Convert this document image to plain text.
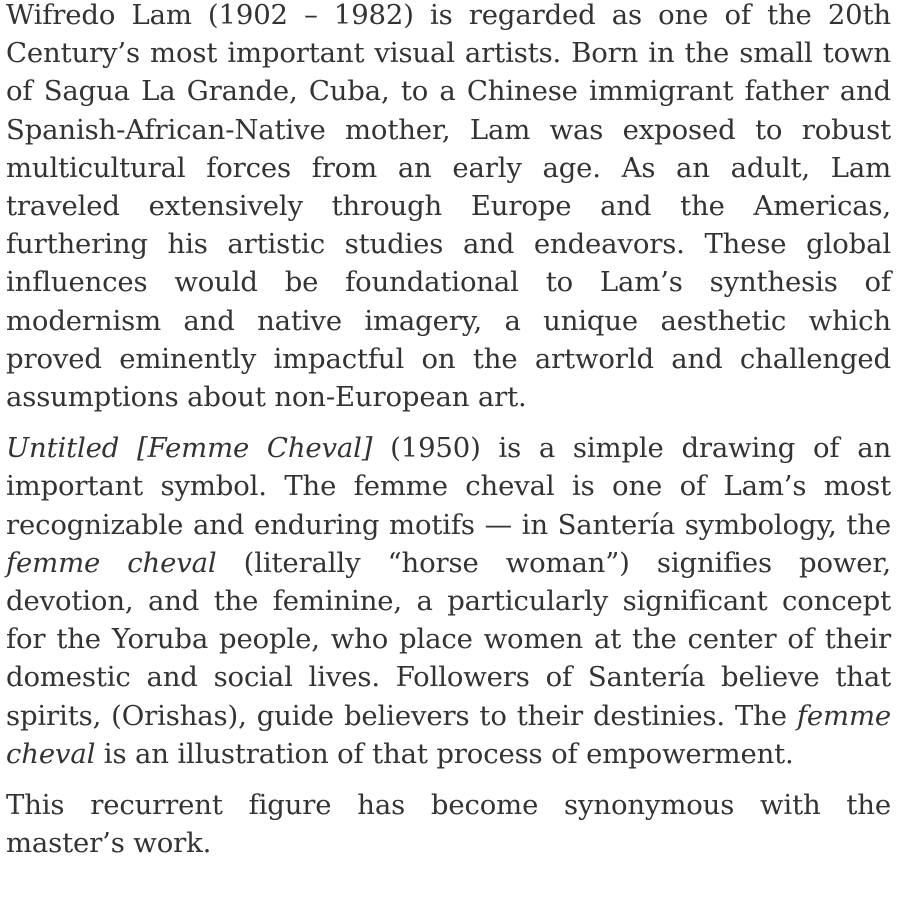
Wifredo Lam (1902 – 1982) is regarded as one of the 20th Century’s most important visual artists. Born in the small town of Sagua La Grande, Cuba, to a Chinese immigrant father and Spanish-African-Native mother, Lam was exposed to robust multicultural forces from an early age. As an adult, Lam traveled extensively through Europe and the Americas, furthering his artistic studies and endeavors. These global influences would be foundational to Lam’s synthesis of modernism and native imagery, a unique aesthetic which proved eminently impactful on the artworld and challenged assumptions about non-European art.

Untitled [Femme Cheval] (1950) is a simple drawing of an important symbol. The femme cheval is one of Lam’s most recognizable and enduring motifs — in Santería symbology, the femme cheval (literally “horse woman”) signifies power, devotion, and the feminine, a particularly significant concept for the Yoruba people, who place women at the center of their domestic and social lives. Followers of Santería believe that spirits, (Orishas), guide believers to their destinies. The femme cheval is an illustration of that process of empowerment.

This recurrent figure has become synonymous with the master’s work.
